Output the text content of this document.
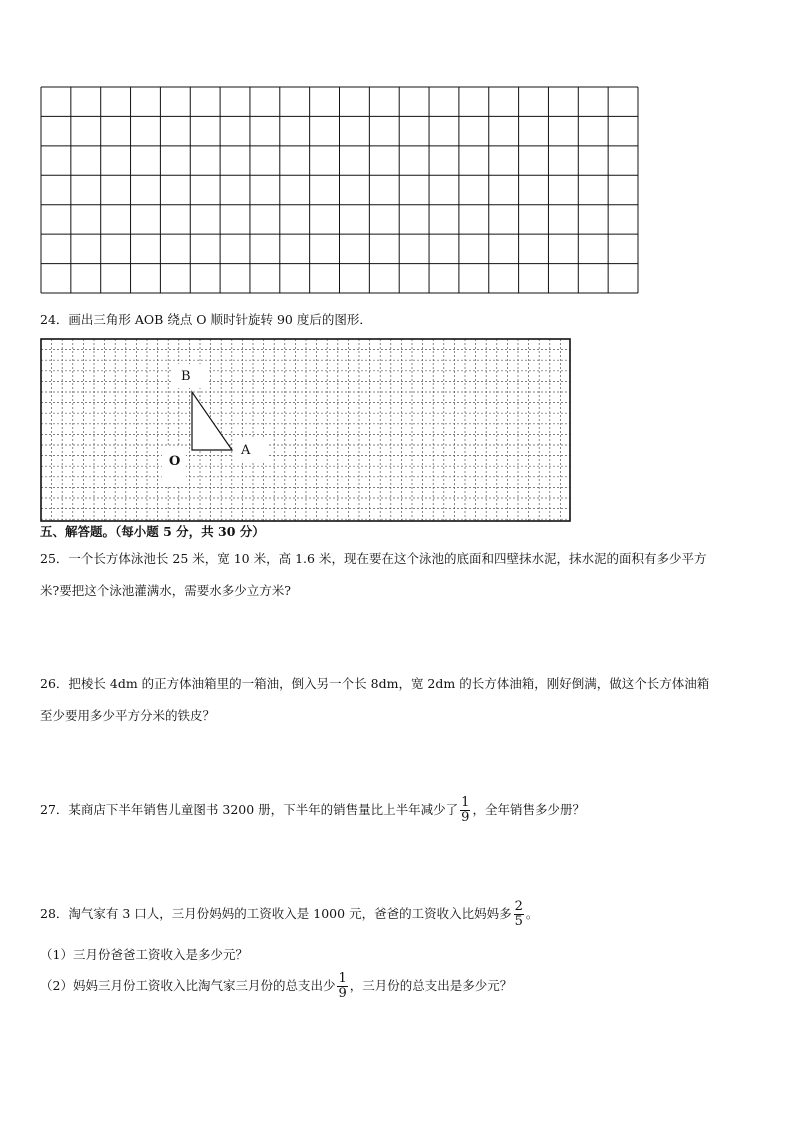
24．画出三角形 AOB 绕点 O 顺时针旋转 90 度后的图形．
B
A
O
五、解答题。（每小题 5 分，共 30 分）
25．一个长方体泳池长 25 米，宽 10 米，高 1.6 米，现在要在这个泳池的底面和四壁抹水泥，抹水泥的面积有多少平方
米?要把这个泳池灌满水，需要水多少立方米?
26．把棱长 4dm 的正方体油箱里的一箱油，倒入另一个长 8dm，宽 2dm 的长方体油箱，刚好倒满，做这个长方体油箱
至少要用多少平方分米的铁皮？
27．某商店下半年销售儿童图书 3200 册，下半年的销售量比上半年减少了 $\frac{1}{9}$ ，全年销售多少册？
28．淘气家有 3 口人，三月份妈妈的工资收入是 1000 元，爸爸的工资收入比妈妈多 $\frac{2}{5}$ 。
（1）三月份爸爸工资收入是多少元？
（2）妈妈三月份工资收入比淘气家三月份的总支出少 $\frac{1}{9}$ ，三月份的总支出是多少元？
